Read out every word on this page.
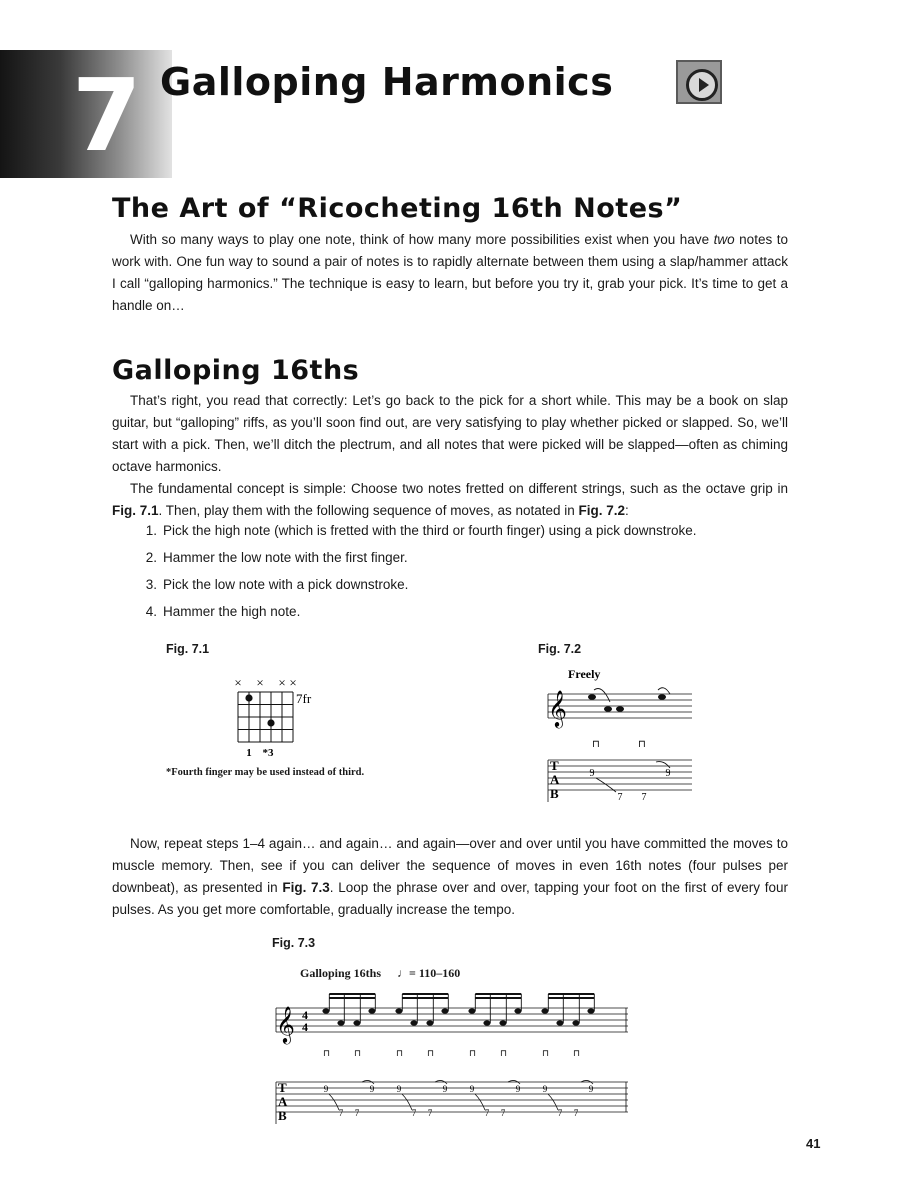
7 Galloping Harmonics
The Art of “Ricocheting 16th Notes”

With so many ways to play one note, think of how many more possibilities exist when you have two notes to work with. One fun way to sound a pair of notes is to rapidly alternate between them using a slap/hammer attack I call “galloping harmonics.” The technique is easy to learn, but before you try it, grab your pick. It’s time to get a handle on…

Galloping 16ths

That’s right, you read that correctly: Let’s go back to the pick for a short while. This may be a book on slap guitar, but “galloping” riffs, as you’ll soon find out, are very satisfying to play whether picked or slapped. So, we’ll start with a pick. Then, we’ll ditch the plectrum, and all notes that were picked will be slapped—often as chiming octave harmonics.

The fundamental concept is simple: Choose two notes fretted on different strings, such as the octave grip in Fig. 7.1. Then, play them with the following sequence of moves, as notated in Fig. 7.2:

1. Pick the high note (which is fretted with the third or fourth finger) using a pick downstroke.
2. Hammer the low note with the first finger.
3. Pick the low note with a pick downstroke.
4. Hammer the high note.
Fig. 7.1
× × × ×
7fr
1 *3
*Fourth finger may be used instead of third.
Fig. 7.2
Freely
𝄞
⊓	⊓
T
A
B
9
7 7
9

Now, repeat steps 1–4 again… and again… and again—over and over until you have committed the moves to muscle memory. Then, see if you can deliver the sequence of moves in even 16th notes (four pulses per downbeat), as presented in Fig. 7.3. Loop the phrase over and over, tapping your foot on the first of every four pulses. As you get more comfortable, gradually increase the tempo.

Fig. 7.3
Galloping 16ths ♩= 110–160
𝄞 4
4
⊓	⊓	⊓	⊓	⊓	⊓	⊓	⊓
T
A
B
9
7 7
9	9
7 7
9	9
7 7
9	9
7 7
9
41
